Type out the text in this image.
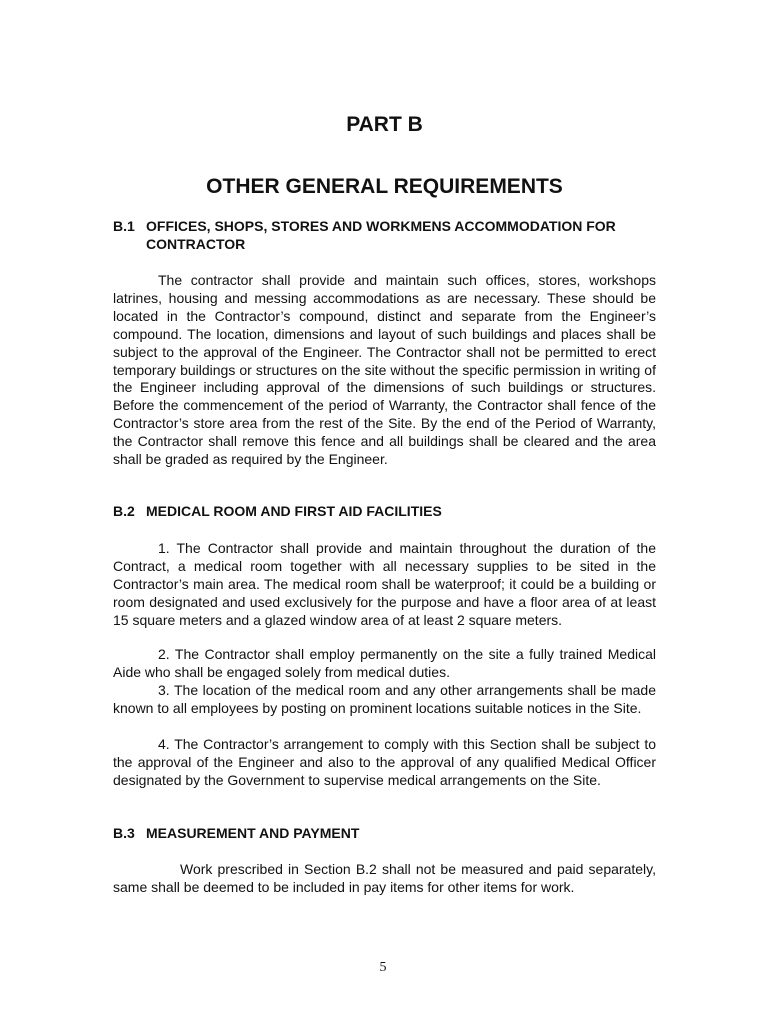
PART B
OTHER GENERAL REQUIREMENTS
B.1 OFFICES, SHOPS, STORES AND WORKMENS ACCOMMODATION FOR
CONTRACTOR

The contractor shall provide and maintain such offices, stores, workshops latrines, housing and messing accommodations as are necessary. These should be located in the Contractor’s compound, distinct and separate from the Engineer’s compound. The location, dimensions and layout of such buildings and places shall be subject to the approval of the Engineer. The Contractor shall not be permitted to erect temporary buildings or structures on the site without the specific permission in writing of the Engineer including approval of the dimensions of such buildings or structures. Before the commencement of the period of Warranty, the Contractor shall fence of the Contractor’s store area from the rest of the Site. By the end of the Period of Warranty, the Contractor shall remove this fence and all buildings shall be cleared and the area shall be graded as required by the Engineer.

B.2 MEDICAL ROOM AND FIRST AID FACILITIES

1. The Contractor shall provide and maintain throughout the duration of the Contract, a medical room together with all necessary supplies to be sited in the Contractor’s main area. The medical room shall be waterproof; it could be a building or room designated and used exclusively for the purpose and have a floor area of at least 15 square meters and a glazed window area of at least 2 square meters.

2. The Contractor shall employ permanently on the site a fully trained Medical Aide who shall be engaged solely from medical duties.

3. The location of the medical room and any other arrangements shall be made known to all employees by posting on prominent locations suitable notices in the Site.

4. The Contractor’s arrangement to comply with this Section shall be subject to the approval of the Engineer and also to the approval of any qualified Medical Officer designated by the Government to supervise medical arrangements on the Site.

B.3 MEASUREMENT AND PAYMENT

Work prescribed in Section B.2 shall not be measured and paid separately, same shall be deemed to be included in pay items for other items for work.

5
